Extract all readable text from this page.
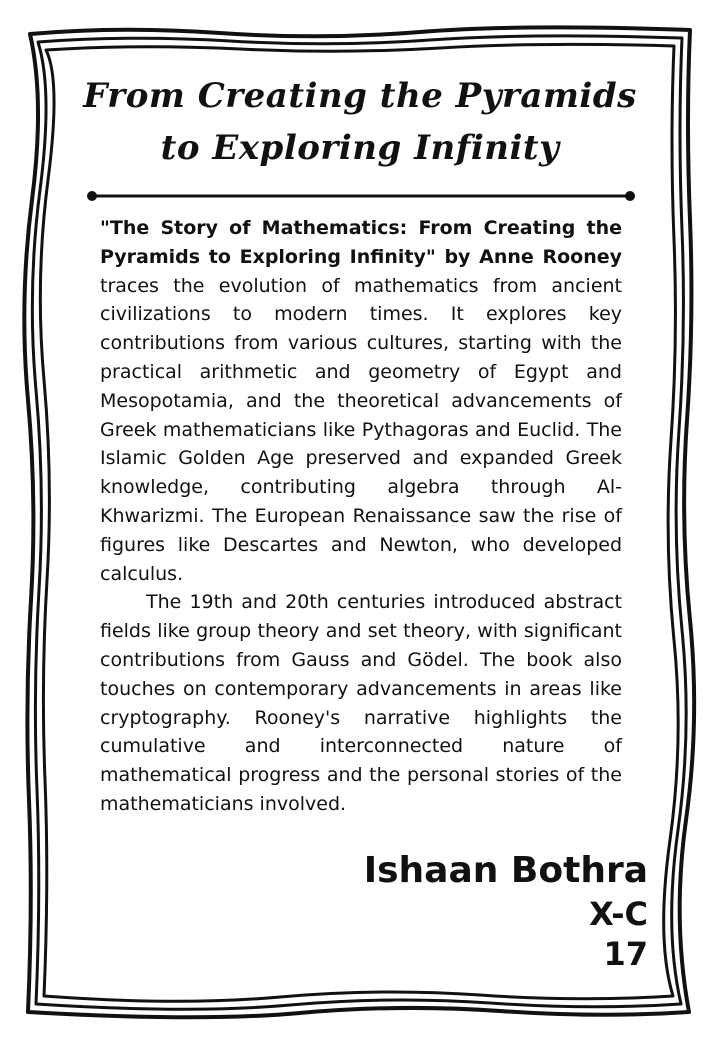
From Creating the Pyramids
to Exploring Infinity

"The Story of Mathematics: From Creating the Pyramids to Exploring Infinity" by Anne Rooney traces the evolution of mathematics from ancient civilizations to modern times. It explores key contributions from various cultures, starting with the practical arithmetic and geometry of Egypt and Mesopotamia, and the theoretical advancements of Greek mathematicians like Pythagoras and Euclid. The Islamic Golden Age preserved and expanded Greek knowledge, contributing algebra through Al-Khwarizmi. The European Renaissance saw the rise of figures like Descartes and Newton, who developed calculus.
The 19th and 20th centuries introduced abstract fields like group theory and set theory, with significant contributions from Gauss and Gödel. The book also touches on contemporary advancements in areas like cryptography. Rooney's narrative highlights the cumulative and interconnected nature of mathematical progress and the personal stories of the mathematicians involved.

Ishaan Bothra
X-C
17
